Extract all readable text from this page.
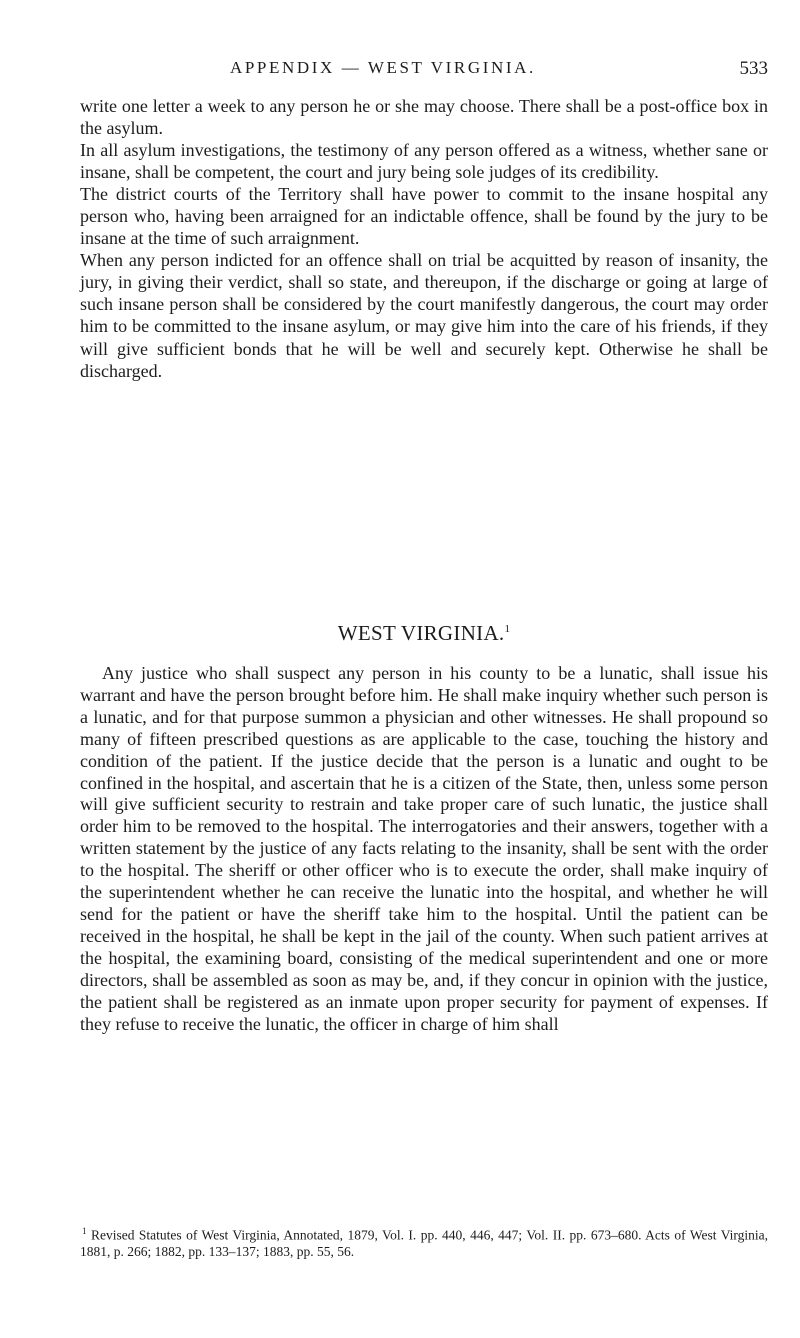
APPENDIX — WEST VIRGINIA.	533

write one letter a week to any person he or she may choose. There shall be a post-office box in the asylum.

In all asylum investigations, the testimony of any person offered as a witness, whether sane or insane, shall be competent, the court and jury being sole judges of its credibility.

The district courts of the Territory shall have power to commit to the insane hospital any person who, having been arraigned for an indictable offence, shall be found by the jury to be insane at the time of such arraignment.

When any person indicted for an offence shall on trial be acquitted by reason of insanity, the jury, in giving their verdict, shall so state, and thereupon, if the discharge or going at large of such insane person shall be considered by the court manifestly dangerous, the court may order him to be committed to the insane asylum, or may give him into the care of his friends, if they will give sufficient bonds that he will be well and securely kept. Otherwise he shall be discharged.

WEST VIRGINIA.$^1$

Any justice who shall suspect any person in his county to be a lunatic, shall issue his warrant and have the person brought before him. He shall make inquiry whether such person is a lunatic, and for that purpose summon a physician and other witnesses. He shall propound so many of fifteen prescribed questions as are applicable to the case, touching the history and condition of the patient. If the justice decide that the person is a lunatic and ought to be confined in the hospital, and ascertain that he is a citizen of the State, then, unless some person will give sufficient security to restrain and take proper care of such lunatic, the justice shall order him to be removed to the hospital. The interrogatories and their answers, together with a written statement by the justice of any facts relating to the insanity, shall be sent with the order to the hospital. The sheriff or other officer who is to execute the order, shall make inquiry of the superintendent whether he can receive the lunatic into the hospital, and whether he will send for the patient or have the sheriff take him to the hospital. Until the patient can be received in the hospital, he shall be kept in the jail of the county. When such patient arrives at the hospital, the examining board, consisting of the medical superintendent and one or more directors, shall be assembled as soon as may be, and, if they concur in opinion with the justice, the patient shall be registered as an inmate upon proper security for payment of expenses. If they refuse to receive the lunatic, the officer in charge of him shall

$^1$ Revised Statutes of West Virginia, Annotated, 1879, Vol. I. pp. 440, 446, 447; Vol. II. pp. 673–680. Acts of West Virginia, 1881, p. 266; 1882, pp. 133–137; 1883, pp. 55, 56.
